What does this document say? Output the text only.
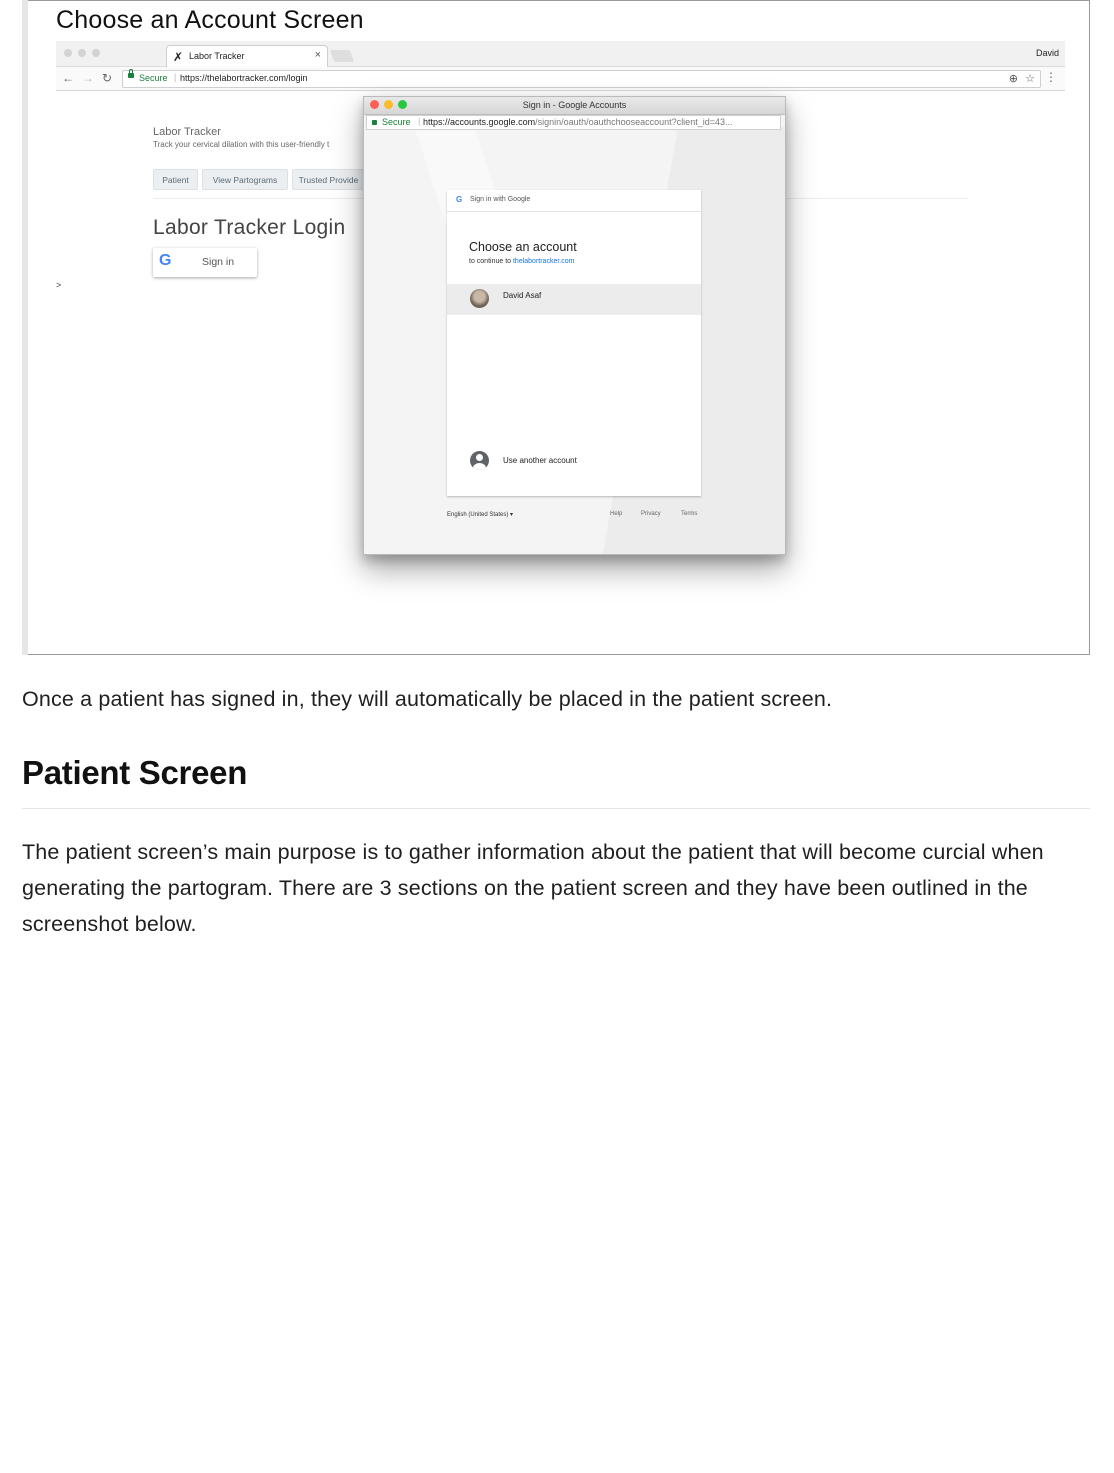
Choose an Account Screen
✗ Labor Tracker	×	David
← → ↻	Secure | https://thelabortracker.com/login	⊕ ☆ ⋮
Labor Tracker
Track your cervical dilation with this user-friendly t
Patient	View Partograms	Trusted Provide
Labor Tracker Login
G	Sign in
>
Sign in - Google Accounts
Secure | https://accounts.google.com/signin/oauth/oauthchooseaccount?client_id=43...
G Sign in with Google
Choose an account
to continue to thelabortracker.com
David Asaf
Use another account
English (United States) ▾	Help	Privacy	Terms
Once a patient has signed in, they will automatically be placed in the patient screen.
Patient Screen
The patient screen’s main purpose is to gather information about the patient that will become curcial when generating the partogram. There are 3 sections on the patient screen and they have been outlined in the screenshot below.
